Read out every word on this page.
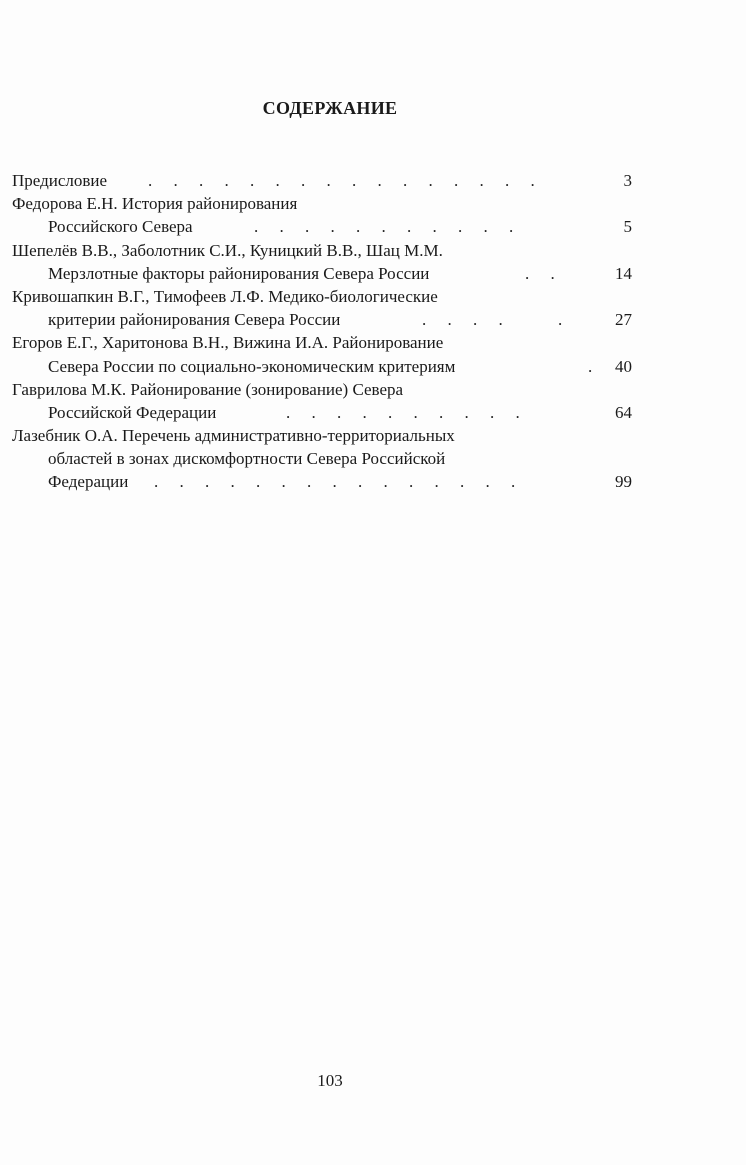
СОДЕРЖАНИЕ
Предисловие .     .     .     .     .     .     .     .     .     .     .     .     .     .     .     .	3
Федорова Е.Н. История районирования
Российского Севера	.     .     .     .     .     .     .     .     .     .     .	5
Шепелёв В.В., Заболотник С.И., Куницкий В.В., Шац М.М.
Мерзлотные факторы районирования Севера России	.     .	14
Кривошапкин В.Г., Тимофеев Л.Ф. Медико-биологические
критерии районирования Севера России	.     .     .     .             .	27
Егоров Е.Г., Харитонова В.Н., Вижина И.А. Районирование
Севера России по социально-экономическим критериям	.	40
Гаврилова М.К. Районирование (зонирование) Севера
Российской Федерации	.     .     .     .     .     .     .     .     .     .	64
Лазебник О.А. Перечень административно-территориальных
областей в зонах дискомфортности Севера Российской
Федерации .     .     .     .     .     .     .     .     .     .     .     .     .     .     .	99
103
